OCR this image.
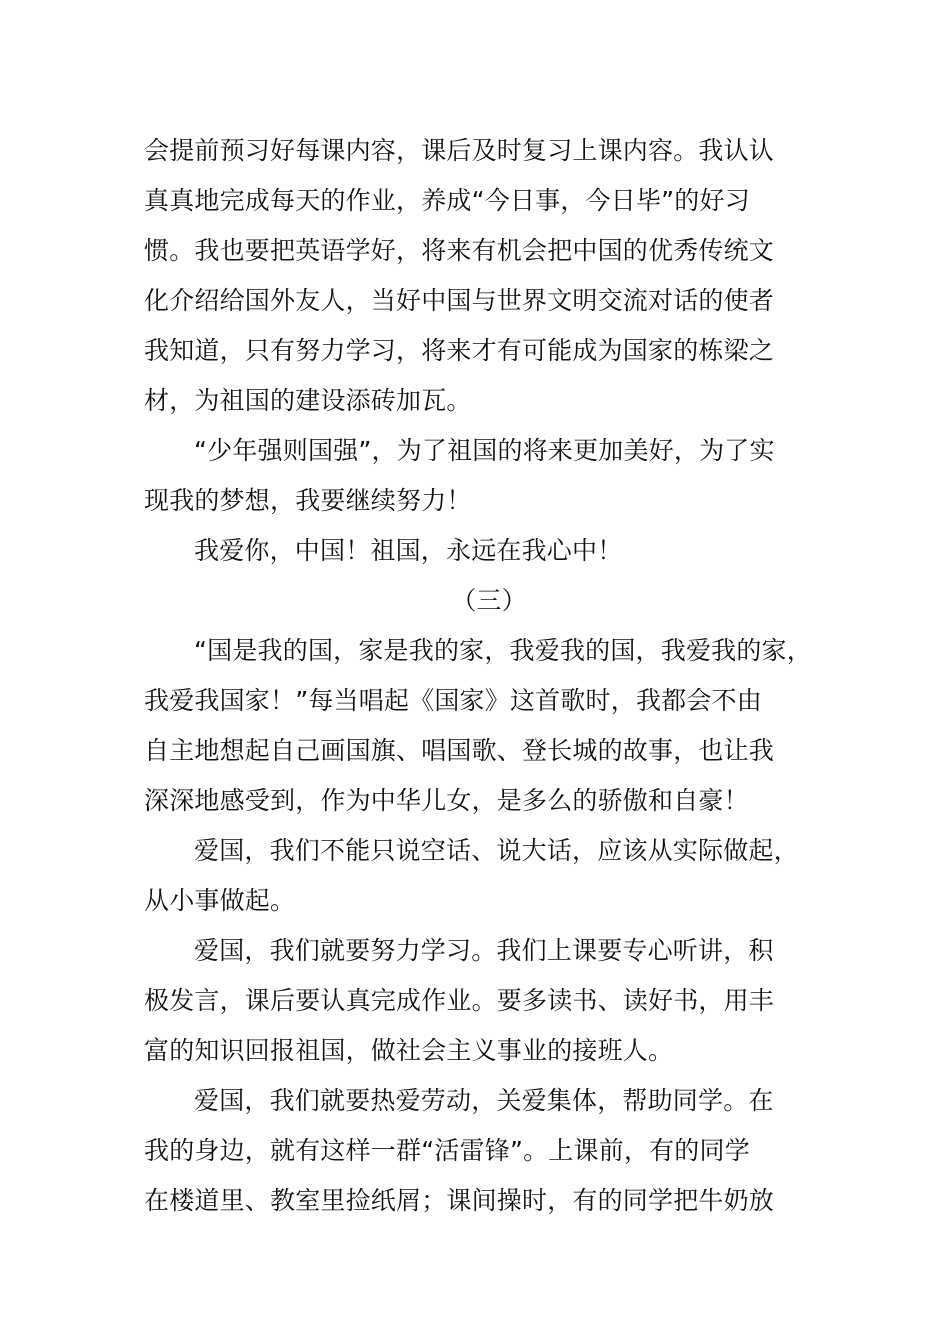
会提前预习好每课内容，课后及时复习上课内容。我认认
真真地完成每天的作业，养成“今日事，今日毕”的好习
惯。我也要把英语学好，将来有机会把中国的优秀传统文
化介绍给国外友人，当好中国与世界文明交流对话的使者
我知道，只有努力学习，将来才有可能成为国家的栋梁之
材，为祖国的建设添砖加瓦。

“少年强则国强”，为了祖国的将来更加美好，为了实
现我的梦想，我要继续努力！

我爱你，中国！祖国，永远在我心中！

（三）

“国是我的国，家是我的家，我爱我的国，我爱我的家，
我爱我国家！”每当唱起《国家》这首歌时，我都会不由
自主地想起自己画国旗、唱国歌、登长城的故事，也让我
深深地感受到，作为中华儿女，是多么的骄傲和自豪！

爱国，我们不能只说空话、说大话，应该从实际做起，
从小事做起。

爱国，我们就要努力学习。我们上课要专心听讲，积
极发言，课后要认真完成作业。要多读书、读好书，用丰
富的知识回报祖国，做社会主义事业的接班人。

爱国，我们就要热爱劳动，关爱集体，帮助同学。在
我的身边，就有这样一群“活雷锋”。上课前，有的同学
在楼道里、教室里捡纸屑；课间操时，有的同学把牛奶放
